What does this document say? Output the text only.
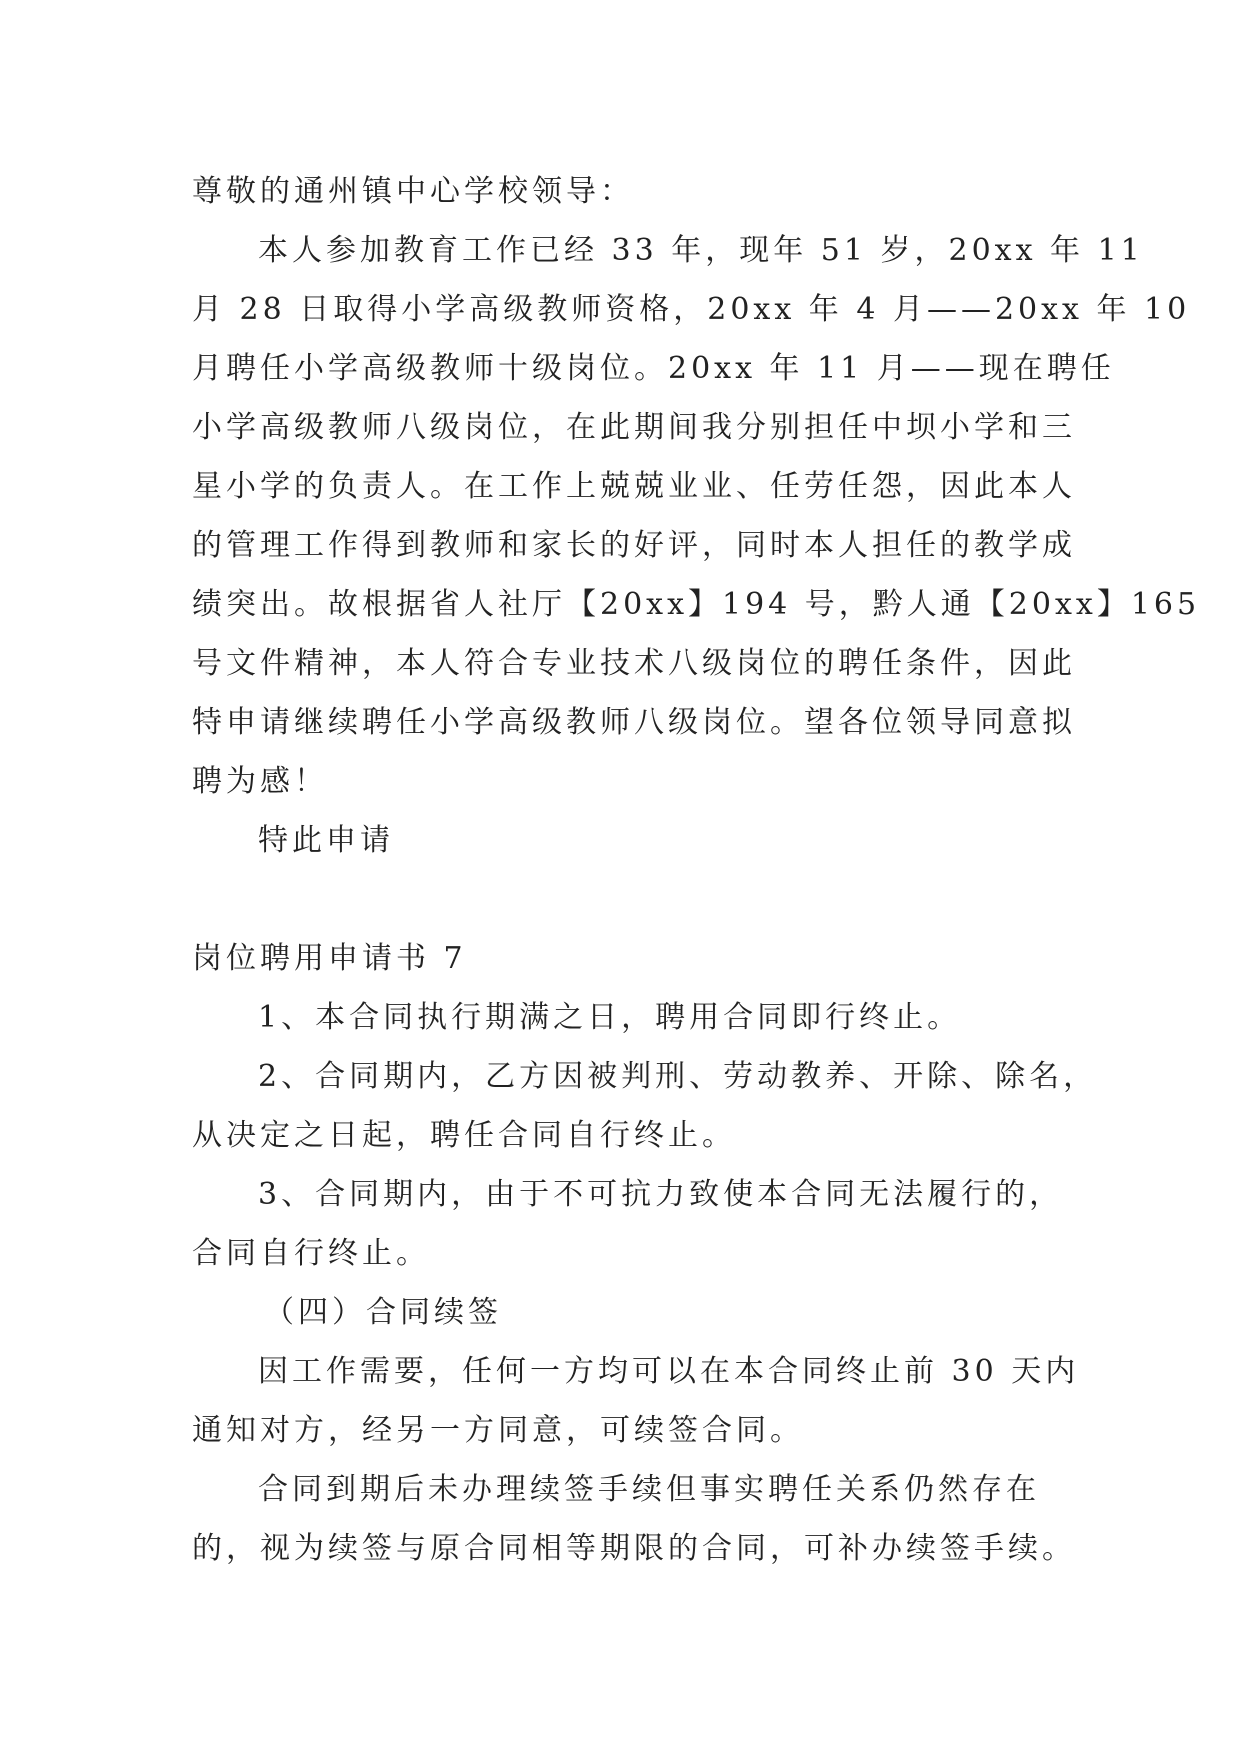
尊敬的通州镇中心学校领导：
本人参加教育工作已经 33 年，现年 51 岁，20xx 年 11
月 28 日取得小学高级教师资格，20xx 年 4 月——20xx 年 10
月聘任小学高级教师十级岗位。20xx 年 11 月——现在聘任
小学高级教师八级岗位，在此期间我分别担任中坝小学和三
星小学的负责人。在工作上兢兢业业、任劳任怨，因此本人
的管理工作得到教师和家长的好评，同时本人担任的教学成
绩突出。故根据省人社厅【20xx】194 号，黔人通【20xx】165
号文件精神，本人符合专业技术八级岗位的聘任条件，因此
特申请继续聘任小学高级教师八级岗位。望各位领导同意拟
聘为感！
特此申请
岗位聘用申请书 7
1、本合同执行期满之日，聘用合同即行终止。
2、合同期内，乙方因被判刑、劳动教养、开除、除名，
从决定之日起，聘任合同自行终止。
3、合同期内，由于不可抗力致使本合同无法履行的，
合同自行终止。
（四）合同续签
因工作需要，任何一方均可以在本合同终止前 30 天内
通知对方，经另一方同意，可续签合同。
合同到期后未办理续签手续但事实聘任关系仍然存在
的，视为续签与原合同相等期限的合同，可补办续签手续。
